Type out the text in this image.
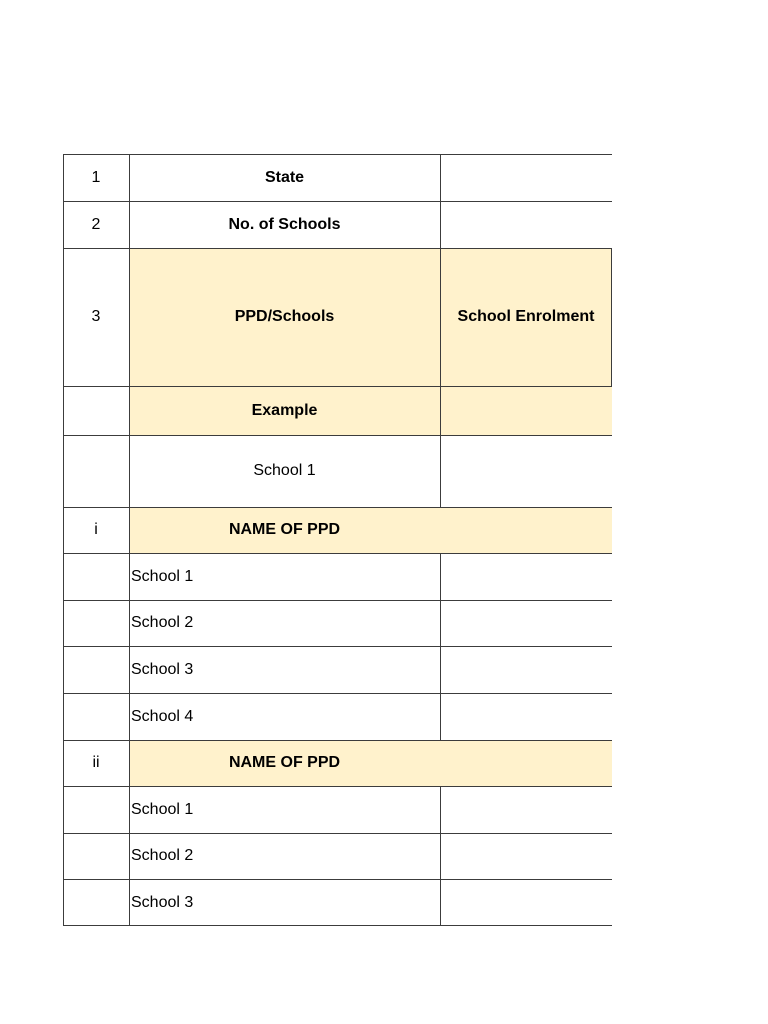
1	State
2	No. of Schools
3	PPD/Schools	School Enrolment
Example
School 1
i	NAME OF PPD
School 1
School 2
School 3
School 4
ii	NAME OF PPD
School 1
School 2
School 3
